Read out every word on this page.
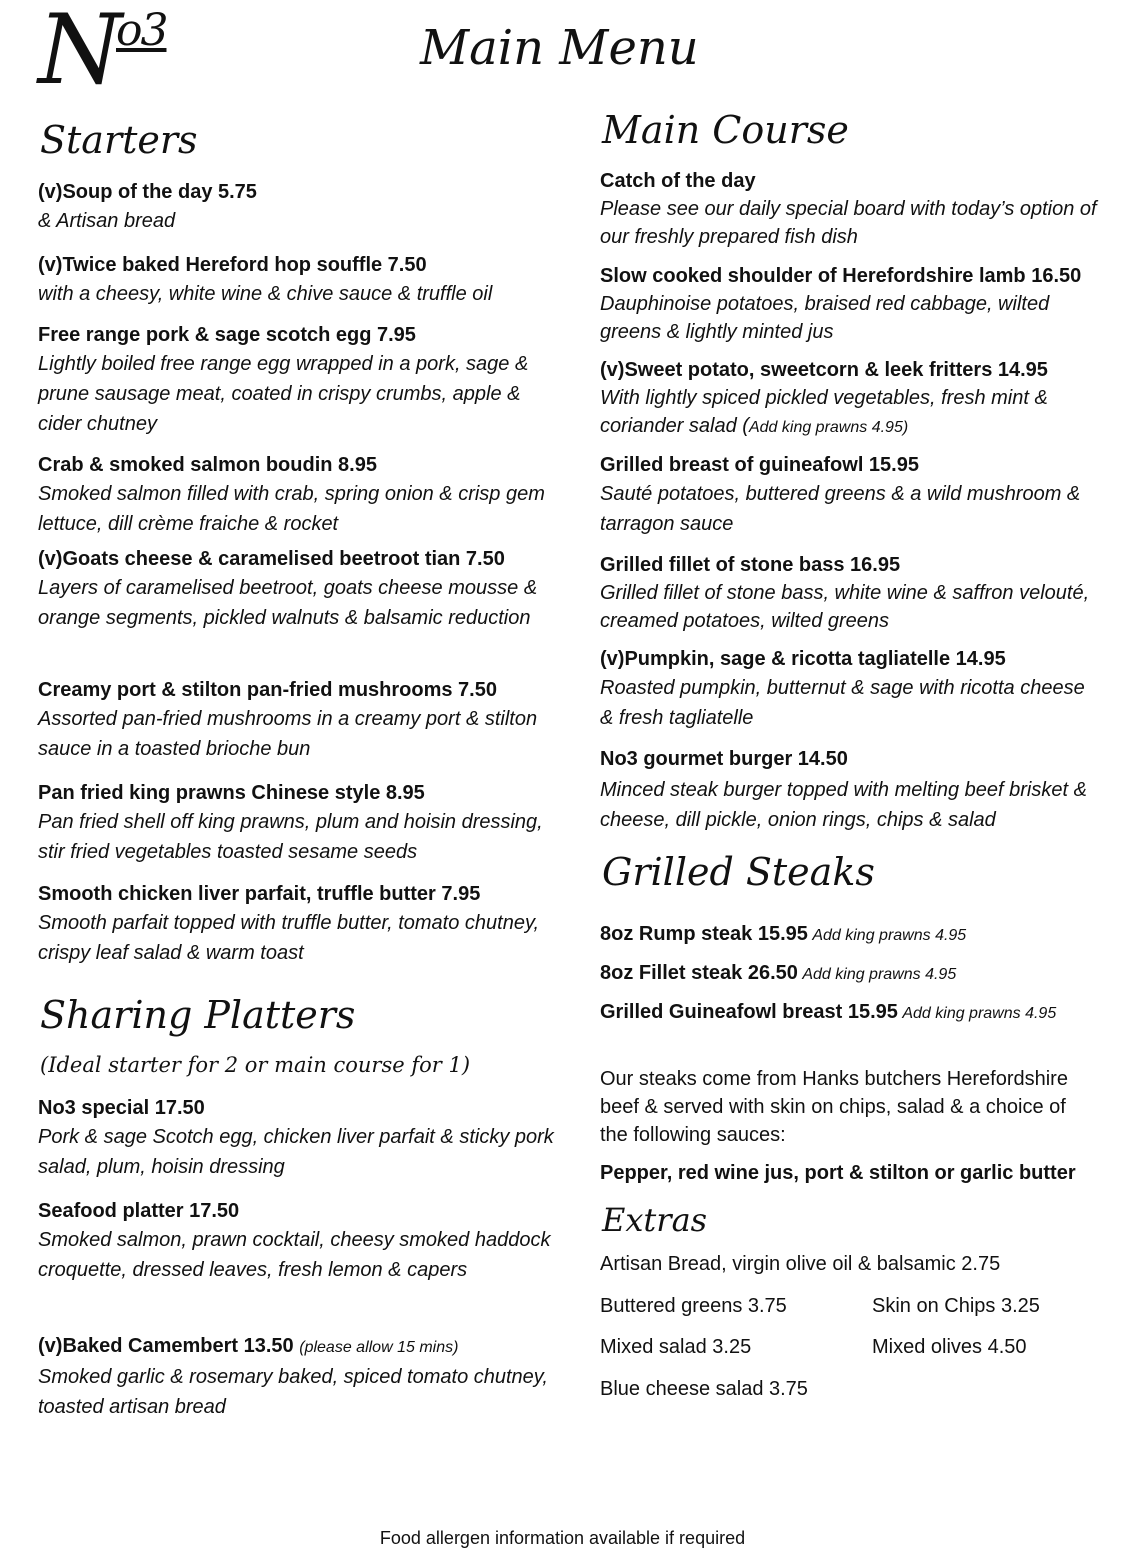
$N^{o3}$	Main Menu
Starters
(v)Soup of the day 5.75
& Artisan bread
(v)Twice baked Hereford hop souffle 7.50
with a cheesy, white wine & chive sauce & truffle oil
Free range pork & sage scotch egg 7.95
Lightly boiled free range egg wrapped in a pork, sage & prune sausage meat, coated in crispy crumbs, apple & cider chutney
Crab & smoked salmon boudin 8.95
Smoked salmon filled with crab, spring onion & crisp gem lettuce, dill crème fraiche & rocket
(v)Goats cheese & caramelised beetroot tian 7.50
Layers of caramelised beetroot, goats cheese mousse & orange segments, pickled walnuts & balsamic reduction
Creamy port & stilton pan-fried mushrooms 7.50
Assorted pan-fried mushrooms in a creamy port & stilton sauce in a toasted brioche bun
Pan fried king prawns Chinese style 8.95
Pan fried shell off king prawns, plum and hoisin dressing, stir fried vegetables toasted sesame seeds
Smooth chicken liver parfait, truffle butter 7.95
Smooth parfait topped with truffle butter, tomato chutney, crispy leaf salad & warm toast
Sharing Platters
(Ideal starter for 2 or main course for 1)
No3 special 17.50
Pork & sage Scotch egg, chicken liver parfait & sticky pork salad, plum, hoisin dressing
Seafood platter 17.50
Smoked salmon, prawn cocktail, cheesy smoked haddock croquette, dressed leaves, fresh lemon & capers
(v)Baked Camembert 13.50 (please allow 15 mins)
Smoked garlic & rosemary baked, spiced tomato chutney, toasted artisan bread
Main Course
Catch of the day
Please see our daily special board with today’s option of our freshly prepared fish dish
Slow cooked shoulder of Herefordshire lamb 16.50
Dauphinoise potatoes, braised red cabbage, wilted greens & lightly minted jus
(v)Sweet potato, sweetcorn & leek fritters 14.95
With lightly spiced pickled vegetables, fresh mint & coriander salad (Add king prawns 4.95)
Grilled breast of guineafowl 15.95
Sauté potatoes, buttered greens & a wild mushroom & tarragon sauce
Grilled fillet of stone bass 16.95
Grilled fillet of stone bass, white wine & saffron velouté, creamed potatoes, wilted greens
(v)Pumpkin, sage & ricotta tagliatelle 14.95
Roasted pumpkin, butternut & sage with ricotta cheese & fresh tagliatelle
No3 gourmet burger 14.50
Minced steak burger topped with melting beef brisket & cheese, dill pickle, onion rings, chips & salad
Grilled Steaks
8oz Rump steak 15.95 Add king prawns 4.95
8oz Fillet steak 26.50 Add king prawns 4.95
Grilled Guineafowl breast 15.95 Add king prawns 4.95
Our steaks come from Hanks butchers Herefordshire beef & served with skin on chips, salad & a choice of the following sauces:
Pepper, red wine jus, port & stilton or garlic butter
Extras
Artisan Bread, virgin olive oil & balsamic 2.75
Buttered greens 3.75	Skin on Chips 3.25
Mixed salad 3.25	Mixed olives 4.50
Blue cheese salad 3.75
Food allergen information available if required
